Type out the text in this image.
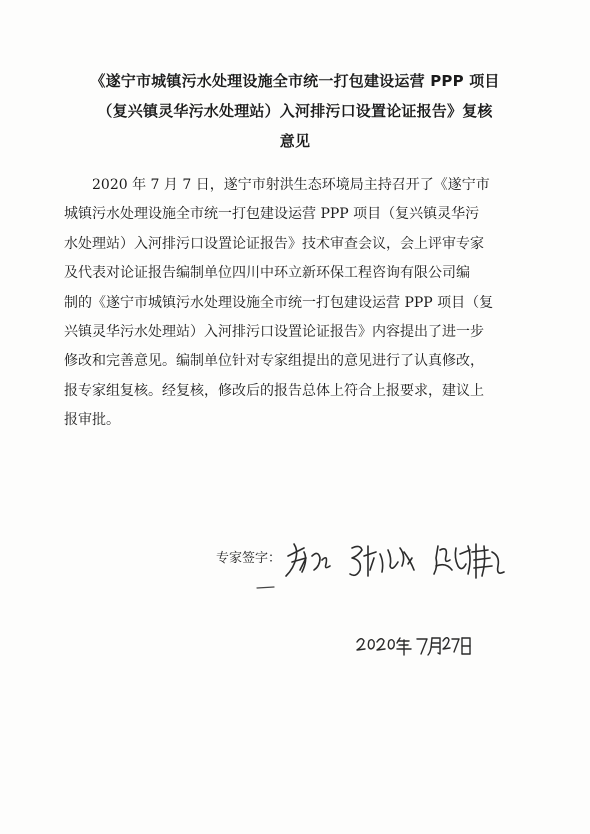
《遂宁市城镇污水处理设施全市统一打包建设运营 PPP 项目
（复兴镇灵华污水处理站）入河排污口设置论证报告》复核
意见
2020 年 7 月 7 日，遂宁市射洪生态环境局主持召开了《遂宁市
城镇污水处理设施全市统一打包建设运营 PPP 项目（复兴镇灵华污
水处理站）入河排污口设置论证报告》技术审查会议，会上评审专家
及代表对论证报告编制单位四川中环立新环保工程咨询有限公司编
制的《遂宁市城镇污水处理设施全市统一打包建设运营 PPP 项目（复
兴镇灵华污水处理站）入河排污口设置论证报告》内容提出了进一步
修改和完善意见。编制单位针对专家组提出的意见进行了认真修改，
报专家组复核。经复核，修改后的报告总体上符合上报要求，建议上
报审批。
专家签字：
